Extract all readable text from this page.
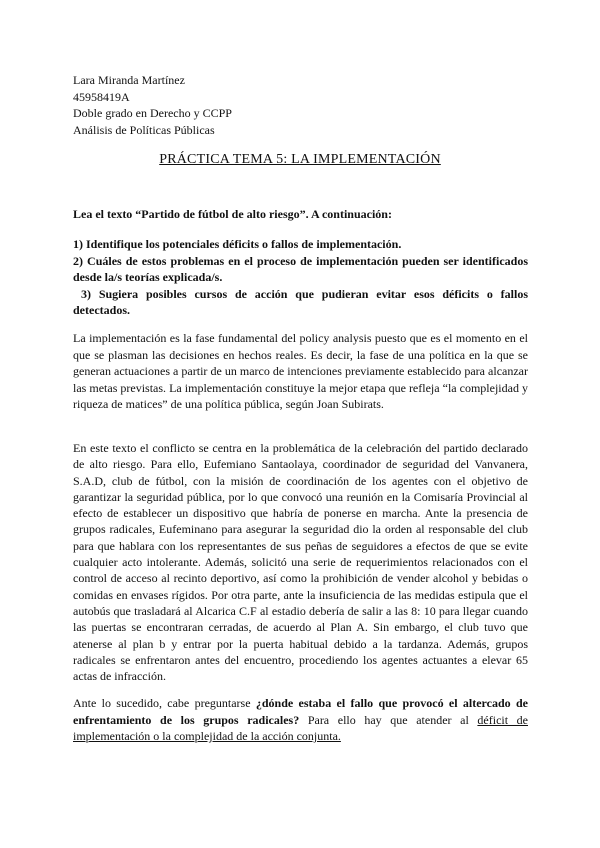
Lara Miranda Martínez
45958419A
Doble grado en Derecho y CCPP
Análisis de Políticas Públicas
PRÁCTICA TEMA 5: LA IMPLEMENTACIÓN
Lea el texto “Partido de fútbol de alto riesgo”. A continuación:

1) Identifique los potenciales déficits o fallos de implementación.

2) Cuáles de estos problemas en el proceso de implementación pueden ser identificados desde la/s teorías explicada/s.

3) Sugiera posibles cursos de acción que pudieran evitar esos déficits o fallos detectados.

La implementación es la fase fundamental del policy analysis puesto que es el momento en el que se plasman las decisiones en hechos reales. Es decir, la fase de una política en la que se generan actuaciones a partir de un marco de intenciones previamente establecido para alcanzar las metas previstas. La implementación constituye la mejor etapa que refleja “la complejidad y riqueza de matices” de una política pública, según Joan Subirats.
En este texto el conflicto se centra en la problemática de la celebración del partido declarado de alto riesgo. Para ello, Eufemiano Santaolaya, coordinador de seguridad del Vanvanera, S.A.D, club de fútbol, con la misión de coordinación de los agentes con el objetivo de garantizar la seguridad pública, por lo que convocó una reunión en la Comisaría Provincial al efecto de establecer un dispositivo que habría de ponerse en marcha. Ante la presencia de grupos radicales, Eufeminano para asegurar la seguridad dio la orden al responsable del club para que hablara con los representantes de sus peñas de seguidores a efectos de que se evite cualquier acto intolerante. Además, solicitó una serie de requerimientos relacionados con el control de acceso al recinto deportivo, así como la prohibición de vender alcohol y bebidas o comidas en envases rígidos. Por otra parte, ante la insuficiencia de las medidas estipula que el autobús que trasladará al Alcarica C.F al estadio debería de salir a las 8: 10 para llegar cuando las puertas se encontraran cerradas, de acuerdo al Plan A. Sin embargo, el club tuvo que atenerse al plan b y entrar por la puerta habitual debido a la tardanza. Además, grupos radicales se enfrentaron antes del encuentro, procediendo los agentes actuantes a elevar 65 actas de infracción.
Ante lo sucedido, cabe preguntarse ¿dónde estaba el fallo que provocó el altercado de enfrentamiento de los grupos radicales? Para ello hay que atender al déficit de implementación o la complejidad de la acción conjunta.
